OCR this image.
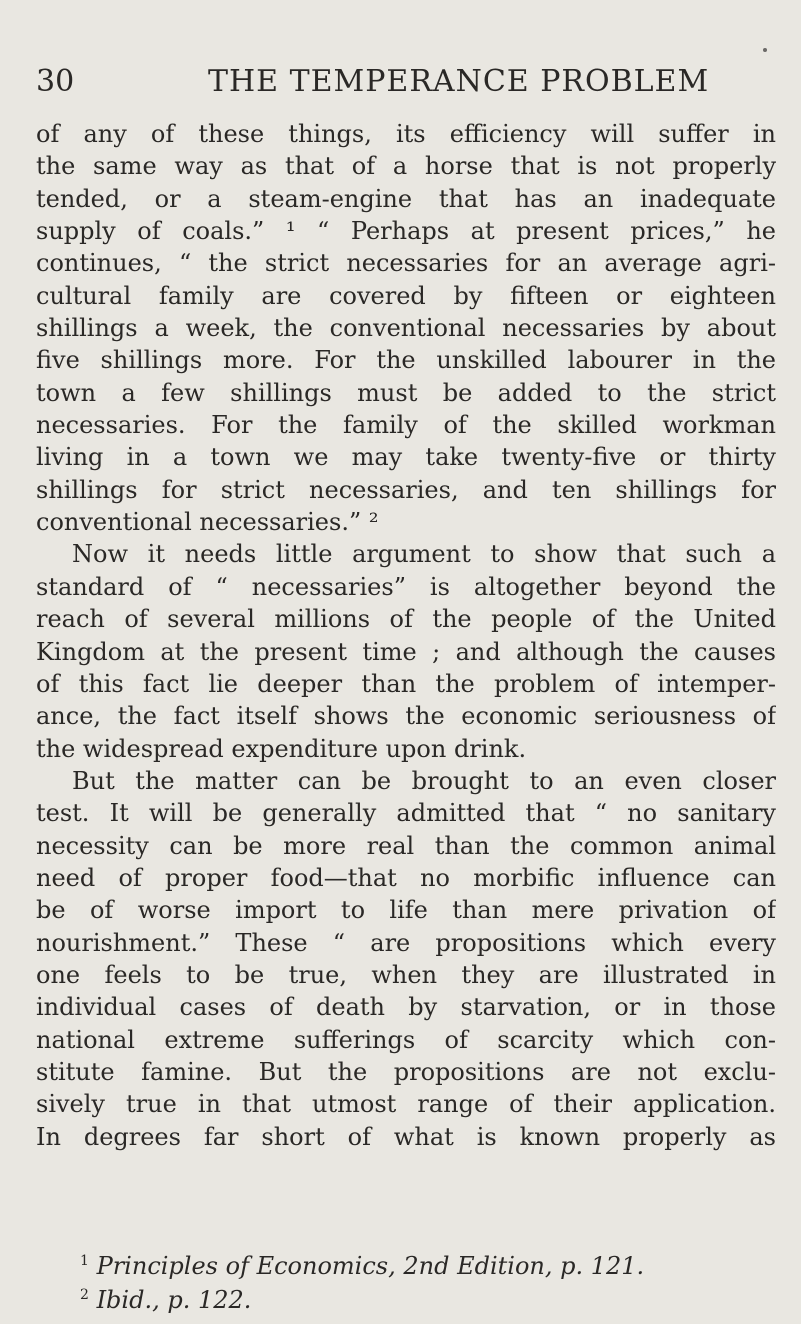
30	THE TEMPERANCE PROBLEM
of any of these things, its efficiency will suffer in
the same way as that of a horse that is not properly
tended, or a steam-engine that has an inadequate
supply of coals.” ¹ “ Perhaps at present prices,” he
continues, “ the strict necessaries for an average agri-
cultural family are covered by fifteen or eighteen
shillings a week, the conventional necessaries by about
five shillings more. For the unskilled labourer in the
town a few shillings must be added to the strict
necessaries. For the family of the skilled workman
living in a town we may take twenty-five or thirty
shillings for strict necessaries, and ten shillings for
conventional necessaries.” ²
Now it needs little argument to show that such a
standard of “ necessaries” is altogether beyond the
reach of several millions of the people of the United
Kingdom at the present time ; and although the causes
of this fact lie deeper than the problem of intemper-
ance, the fact itself shows the economic seriousness of
the widespread expenditure upon drink.
But the matter can be brought to an even closer
test. It will be generally admitted that “ no sanitary
necessity can be more real than the common animal
need of proper food—that no morbific influence can
be of worse import to life than mere privation of
nourishment.” These “ are propositions which every
one feels to be true, when they are illustrated in
individual cases of death by starvation, or in those
national extreme sufferings of scarcity which con-
stitute famine. But the propositions are not exclu-
sively true in that utmost range of their application.
In degrees far short of what is known properly as
$^1$ Principles of Economics, 2nd Edition, p. 121.
$^2$ Ibid., p. 122.
